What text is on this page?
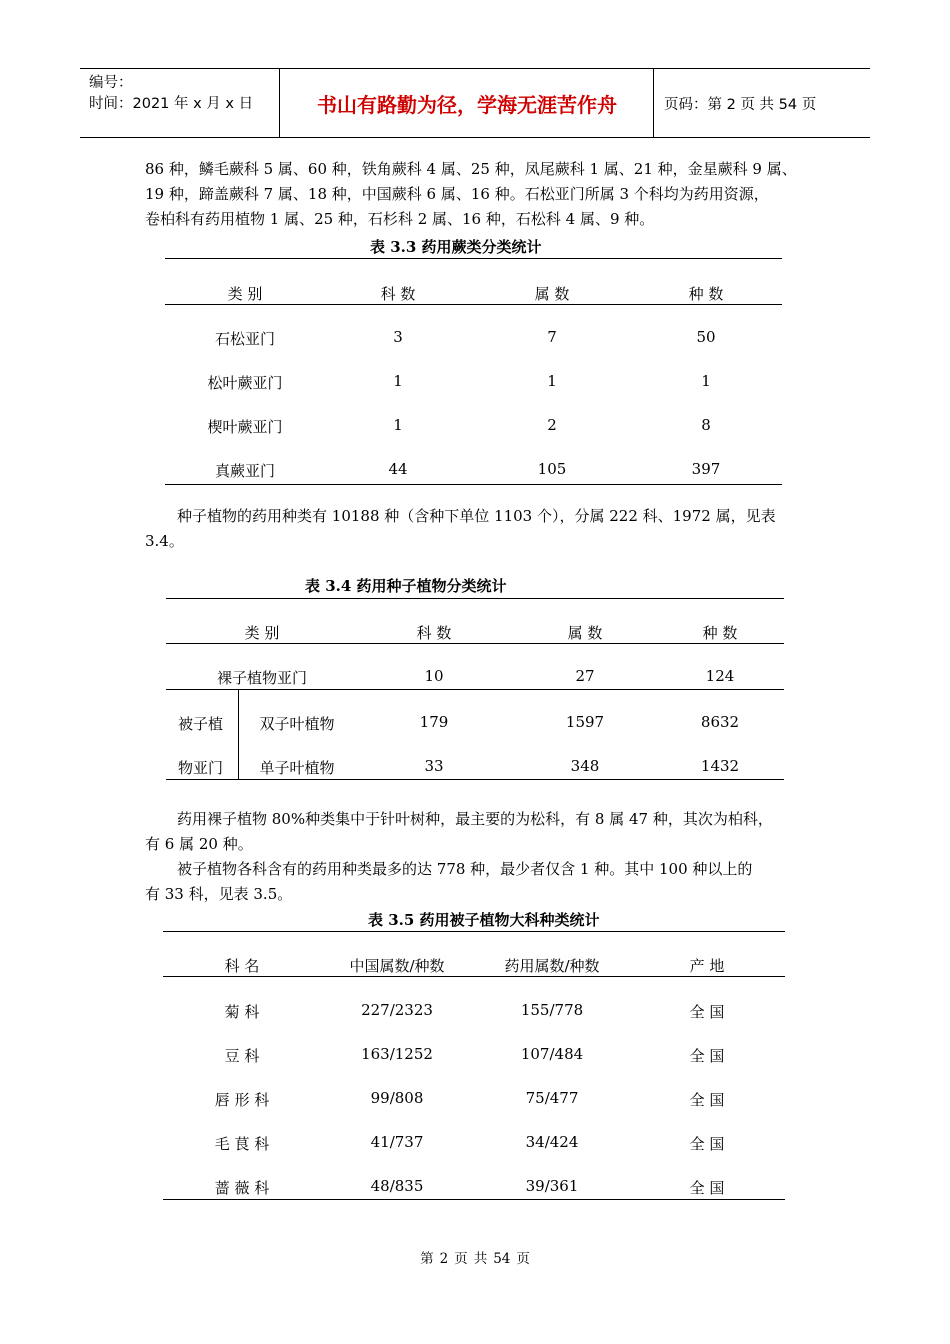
编号：
时间：2021 年 x 月 x 日	书山有路勤为径，学海无涯苦作舟	页码：第 2 页 共 54 页
86 种，鳞毛蕨科 5 属、60 种，铁角蕨科 4 属、25 种，凤尾蕨科 1 属、21 种，金星蕨科 9 属、
19 种，蹄盖蕨科 7 属、18 种，中国蕨科 6 属、16 种。石松亚门所属 3 个科均为药用资源，
卷柏科有药用植物 1 属、25 种，石杉科 2 属、16 种，石松科 4 属、9 种。
表 3.3 药用蕨类分类统计
类 别	科 数	属 数	种 数
石松亚门	3	7	50
松叶蕨亚门	1	1	1
楔叶蕨亚门	1	2	8
真蕨亚门	44	105	397
种子植物的药用种类有 10188 种（含种下单位 1103 个），分属 222 科、1972 属，见表
3.4。
表 3.4 药用种子植物分类统计
类 别	科 数	属 数	种 数
裸子植物亚门	10	27	124
被子植
物亚门
双子叶植物	179	1597	8632
单子叶植物	33	348	1432
药用裸子植物 80%种类集中于针叶树种，最主要的为松科，有 8 属 47 种，其次为柏科，
有 6 属 20 种。
被子植物各科含有的药用种类最多的达 778 种，最少者仅含 1 种。其中 100 种以上的
有 33 科，见表 3.5。
表 3.5 药用被子植物大科种类统计
科 名	中国属数/种数	药用属数/种数	产 地
菊 科	227/2323	155/778	全 国
豆 科	163/1252	107/484	全 国
唇 形 科	99/808	75/477	全 国
毛 茛 科	41/737	34/424	全 国
蔷 薇 科	48/835	39/361	全 国
第 2 页 共 54 页
